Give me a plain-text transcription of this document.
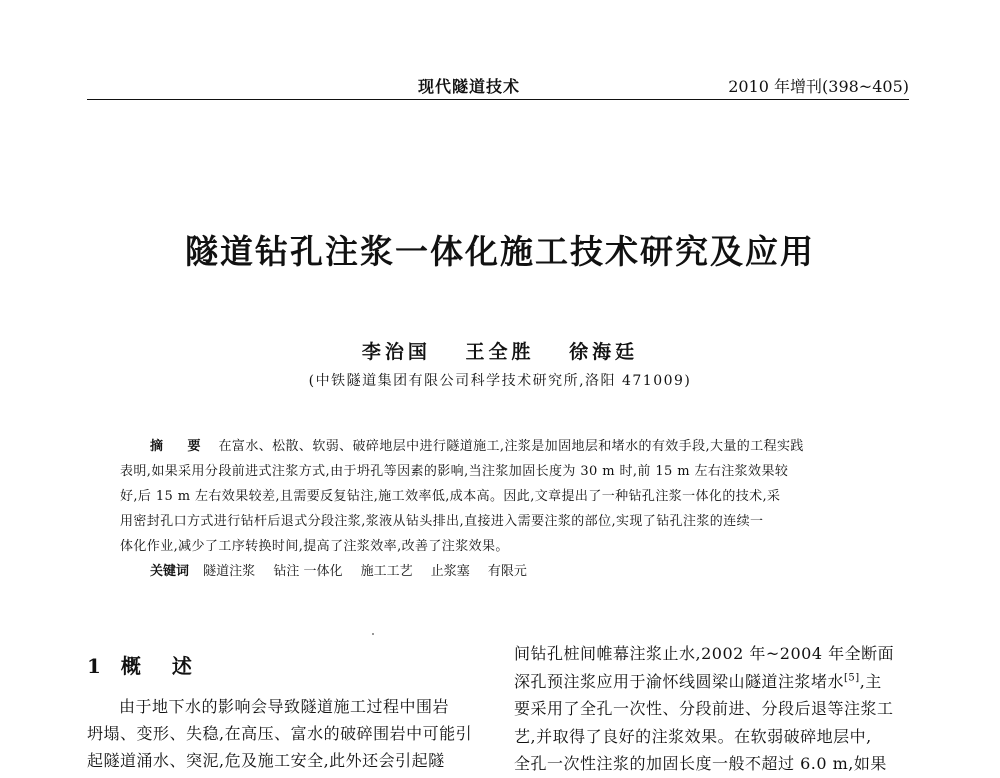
现代隧道技术	2010 年增刊(398~405)
隧道钻孔注浆一体化施工技术研究及应用
李治国 王全胜 徐海廷
(中铁隧道集团有限公司科学技术研究所,洛阳 471009)
摘 要 在富水、松散、软弱、破碎地层中进行隧道施工,注浆是加固地层和堵水的有效手段,大量的工程实践
表明,如果采用分段前进式注浆方式,由于坍孔等因素的影响,当注浆加固长度为 30 m 时,前 15 m 左右注浆效果较
好,后 15 m 左右效果较差,且需要反复钻注,施工效率低,成本高。因此,文章提出了一种钻孔注浆一体化的技术,采
用密封孔口方式进行钻杆后退式分段注浆,浆液从钻头排出,直接进入需要注浆的部位,实现了钻孔注浆的连续一
体化作业,减少了工序转换时间,提高了注浆效率,改善了注浆效果。
关键词 隧道注浆 钻注 一体化 施工工艺 止浆塞 有限元
1 概 述
由于地下水的影响会导致隧道施工过程中围岩
坍塌、变形、失稳,在高压、富水的破碎围岩中可能引
起隧道涌水、突泥,危及施工安全,此外还会引起隧
间钻孔桩间帷幕注浆止水,2002 年~2004 年全断面
深孔预注浆应用于渝怀线圆梁山隧道注浆堵水[5],主
要采用了全孔一次性、分段前进、分段后退等注浆工
艺,并取得了良好的注浆效果。在软弱破碎地层中,
全孔一次性注浆的加固长度一般不超过 6.0 m,如果
